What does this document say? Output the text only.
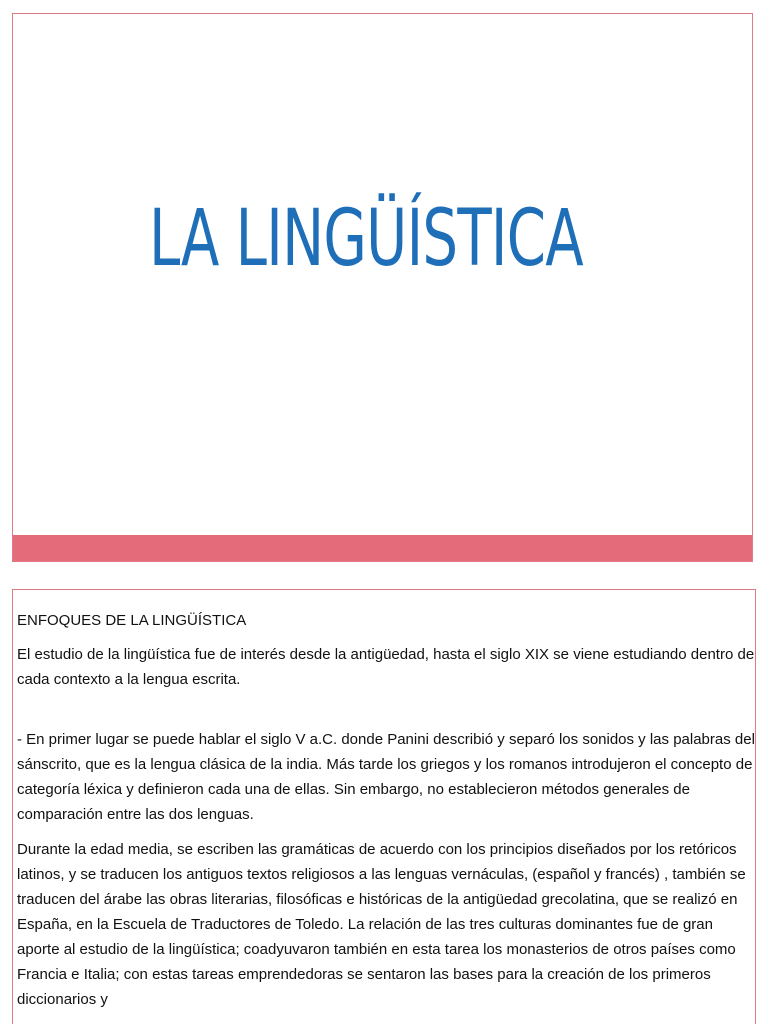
LA LINGÜÍSTICA

ENFOQUES DE LA LINGÜÍSTICA

El estudio de la lingüística fue de interés desde la antigüedad, hasta el siglo XIX se viene estudiando dentro de cada contexto a la lengua escrita.

- En primer lugar se puede hablar el siglo V a.C. donde Panini describió y separó los sonidos y las palabras del sánscrito, que es la lengua clásica de la india. Más tarde los griegos y los romanos introdujeron el concepto de categoría léxica y definieron cada una de ellas. Sin embargo, no establecieron métodos generales de comparación entre las dos lenguas.

Durante la edad media, se escriben las gramáticas de acuerdo con los principios diseñados por los retóricos latinos, y se traducen los antiguos textos religiosos a las lenguas vernáculas, (español y francés) , también se traducen del árabe las obras literarias, filosóficas e históricas de la antigüedad grecolatina, que se realizó en España, en la Escuela de Traductores de Toledo. La relación de las tres culturas dominantes fue de gran aporte al estudio de la lingüística; coadyuvaron también en esta tarea los monasterios de otros países como Francia e Italia; con estas tareas emprendedoras se sentaron las bases para la creación de los primeros diccionarios y
